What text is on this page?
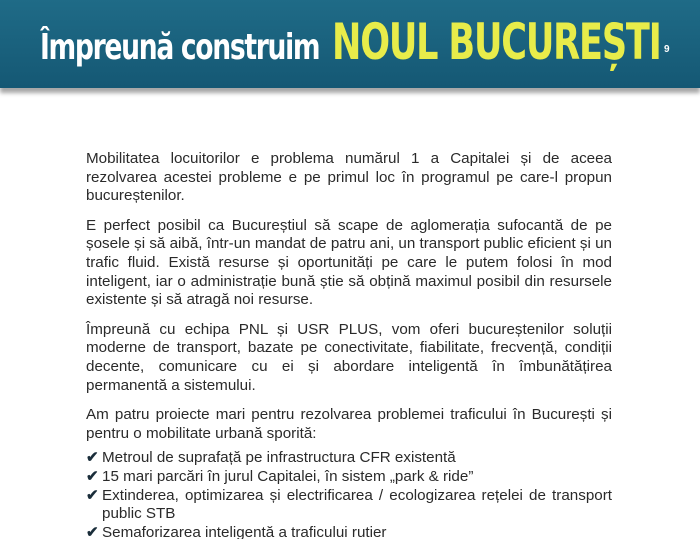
Împreună construim NOUL BUCUREȘTI 9

Mobilitatea locuitorilor e problema numărul 1 a Capitalei și de aceea rezolvarea acestei probleme e pe primul loc în programul pe care-l propun bucureștenilor.

E perfect posibil ca Bucureștiul să scape de aglomerația sufocantă de pe șosele și să aibă, într-un mandat de patru ani, un transport public eficient și un trafic fluid. Există resurse și oportunități pe care le putem folosi în mod inteligent, iar o administrație bună știe să obțină maximul posibil din resursele existente și să atragă noi resurse.

Împreună cu echipa PNL și USR PLUS, vom oferi bucureștenilor soluții moderne de transport, bazate pe conectivitate, fiabilitate, frecvență, condiții decente, comunicare cu ei și abordare inteligentă în îmbunătățirea permanentă a sistemului.

Am patru proiecte mari pentru rezolvarea problemei traficului în București și pentru o mobilitate urbană sporită:

✔ Metroul de suprafață pe infrastructura CFR existentă
✔ 15 mari parcări în jurul Capitalei, în sistem „park & ride”
✔ Extinderea, optimizarea și electrificarea / ecologizarea rețelei de transport public STB
✔ Semaforizarea inteligentă a traficului rutier
